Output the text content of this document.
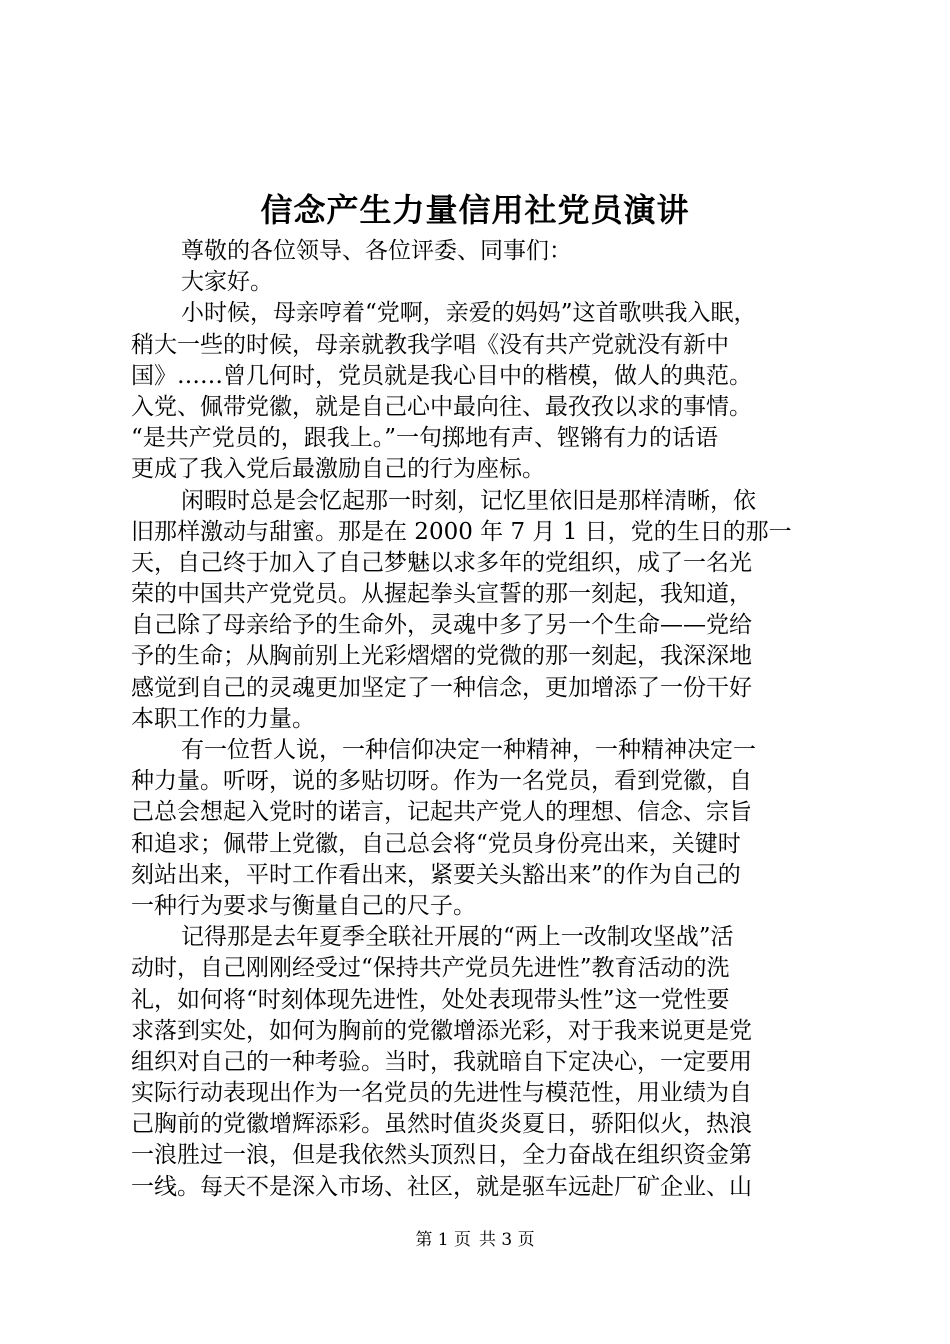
信念产生力量信用社党员演讲
尊敬的各位领导、各位评委、同事们：
大家好。
小时候，母亲哼着“党啊，亲爱的妈妈”这首歌哄我入眠，
稍大一些的时候，母亲就教我学唱《没有共产党就没有新中
国》……曾几何时，党员就是我心目中的楷模，做人的典范。
入党、佩带党徽，就是自己心中最向往、最孜孜以求的事情。
“是共产党员的，跟我上。”一句掷地有声、铿锵有力的话语
更成了我入党后最激励自己的行为座标。
闲暇时总是会忆起那一时刻，记忆里依旧是那样清晰，依
旧那样激动与甜蜜。那是在 2000 年 7 月 1 日，党的生日的那一
天，自己终于加入了自己梦魅以求多年的党组织，成了一名光
荣的中国共产党党员。从握起拳头宣誓的那一刻起，我知道，
自己除了母亲给予的生命外，灵魂中多了另一个生命——党给
予的生命；从胸前别上光彩熠熠的党微的那一刻起，我深深地
感觉到自己的灵魂更加坚定了一种信念，更加增添了一份干好
本职工作的力量。
有一位哲人说，一种信仰决定一种精神，一种精神决定一
种力量。听呀，说的多贴切呀。作为一名党员，看到党徽，自
己总会想起入党时的诺言，记起共产党人的理想、信念、宗旨
和追求；佩带上党徽，自己总会将“党员身份亮出来，关键时
刻站出来，平时工作看出来，紧要关头豁出来”的作为自己的
一种行为要求与衡量自己的尺子。
记得那是去年夏季全联社开展的“两上一改制攻坚战”活
动时，自己刚刚经受过“保持共产党员先进性”教育活动的洗
礼，如何将“时刻体现先进性，处处表现带头性”这一党性要
求落到实处，如何为胸前的党徽增添光彩，对于我来说更是党
组织对自己的一种考验。当时，我就暗自下定决心，一定要用
实际行动表现出作为一名党员的先进性与模范性，用业绩为自
己胸前的党徽增辉添彩。虽然时值炎炎夏日，骄阳似火，热浪
一浪胜过一浪，但是我依然头顶烈日，全力奋战在组织资金第
一线。每天不是深入市场、社区，就是驱车远赴厂矿企业、山
第 1 页 共 3 页
